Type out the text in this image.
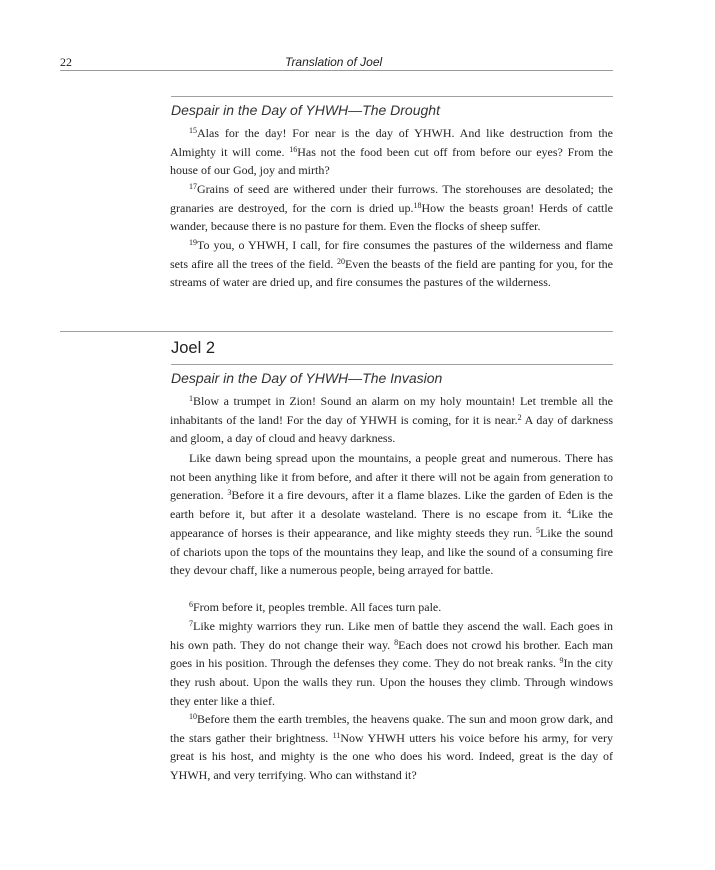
22	Translation of Joel
Despair in the Day of YHWH—The Drought

$^{15}$Alas for the day! For near is the day of YHWH. And like destruction from the Almighty it will come. $^{16}$Has not the food been cut off from before our eyes? From the house of our God, joy and mirth?

$^{17}$Grains of seed are withered under their furrows. The storehouses are desolated; the granaries are destroyed, for the corn is dried up.$^{18}$How the beasts groan! Herds of cattle wander, because there is no pasture for them. Even the flocks of sheep suffer.

$^{19}$To you, o YHWH, I call, for fire consumes the pastures of the wilderness and flame sets afire all the trees of the field. $^{20}$Even the beasts of the field are panting for you, for the streams of water are dried up, and fire consumes the pastures of the wilderness.

Joel 2
Despair in the Day of YHWH—The Invasion

$^1$Blow a trumpet in Zion! Sound an alarm on my holy mountain! Let tremble all the inhabitants of the land! For the day of YHWH is coming, for it is near.$^2$ A day of darkness and gloom, a day of cloud and heavy darkness.

Like dawn being spread upon the mountains, a people great and numerous. There has not been anything like it from before, and after it there will not be again from generation to generation. $^3$Before it a fire devours, after it a flame blazes. Like the garden of Eden is the earth before it, but after it a desolate wasteland. There is no escape from it. $^4$Like the appearance of horses is their appearance, and like mighty steeds they run. $^5$Like the sound of chariots upon the tops of the mountains they leap, and like the sound of a consuming fire they devour chaff, like a numerous people, being arrayed for battle.

$^6$From before it, peoples tremble. All faces turn pale.

$^7$Like mighty warriors they run. Like men of battle they ascend the wall. Each goes in his own path. They do not change their way. $^8$Each does not crowd his brother. Each man goes in his position. Through the defenses they come. They do not break ranks. $^9$In the city they rush about. Upon the walls they run. Upon the houses they climb. Through windows they enter like a thief.

$^{10}$Before them the earth trembles, the heavens quake. The sun and moon grow dark, and the stars gather their brightness. $^{11}$Now YHWH utters his voice before his army, for very great is his host, and mighty is the one who does his word. Indeed, great is the day of YHWH, and very terrifying. Who can withstand it?
